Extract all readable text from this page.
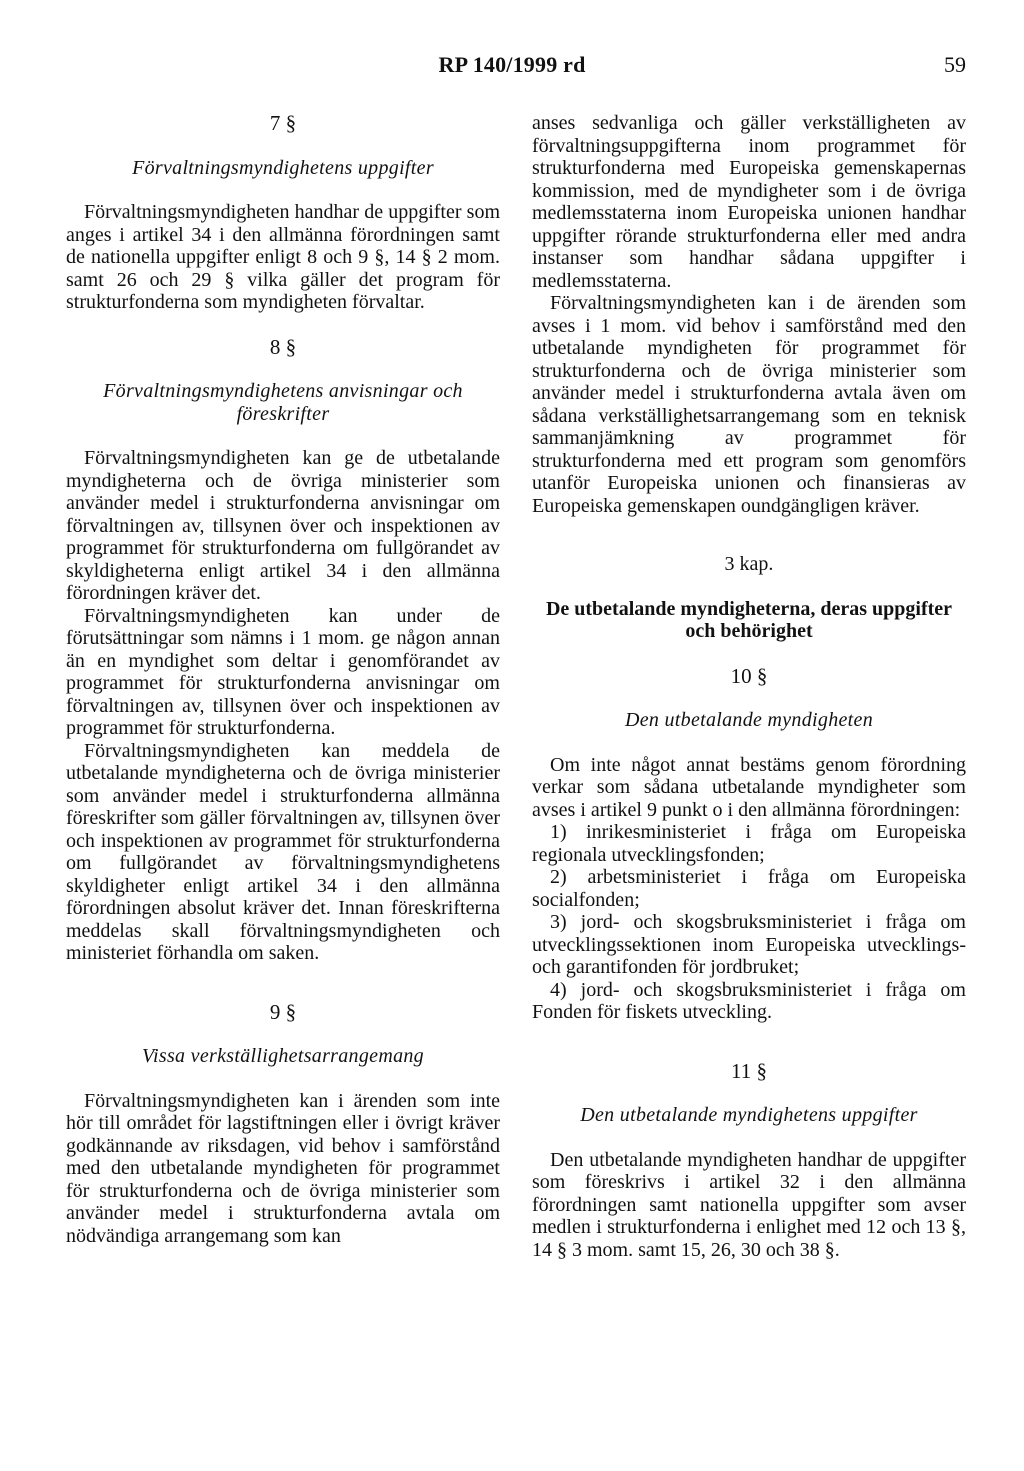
RP 140/1999 rd	59

7 §

Förvaltningsmyndighetens uppgifter

Förvaltningsmyndigheten handhar de uppgifter som anges i artikel 34 i den allmänna förordningen samt de nationella uppgifter enligt 8 och 9 §, 14 § 2 mom. samt 26 och 29 § vilka gäller det program för strukturfonderna som myndigheten förvaltar.

8 §

Förvaltningsmyndighetens anvisningar och föreskrifter

Förvaltningsmyndigheten kan ge de utbetalande myndigheterna och de övriga ministerier som använder medel i strukturfonderna anvisningar om förvaltningen av, tillsynen över och inspektionen av programmet för strukturfonderna om fullgörandet av skyldigheterna enligt artikel 34 i den allmänna förordningen kräver det.

Förvaltningsmyndigheten kan under de förutsättningar som nämns i 1 mom. ge någon annan än en myndighet som deltar i genomförandet av programmet för strukturfonderna anvisningar om förvaltningen av, tillsynen över och inspektionen av programmet för strukturfonderna.

Förvaltningsmyndigheten kan meddela de utbetalande myndigheterna och de övriga ministerier som använder medel i strukturfonderna allmänna föreskrifter som gäller förvaltningen av, tillsynen över och inspektionen av programmet för strukturfonderna om fullgörandet av förvaltningsmyndighetens skyldigheter enligt artikel 34 i den allmänna förordningen absolut kräver det. Innan föreskrifterna meddelas skall förvaltningsmyndigheten och ministeriet förhandla om saken.

9 §

Vissa verkställighetsarrangemang

Förvaltningsmyndigheten kan i ärenden som inte hör till området för lagstiftningen eller i övrigt kräver godkännande av riksdagen, vid behov i samförstånd med den utbetalande myndigheten för programmet för strukturfonderna och de övriga ministerier som använder medel i strukturfonderna avtala om nödvändiga arrangemang som kan

anses sedvanliga och gäller verkställigheten av förvaltningsuppgifterna inom programmet för strukturfonderna med Europeiska gemenskapernas kommission, med de myndigheter som i de övriga medlemsstaterna inom Europeiska unionen handhar uppgifter rörande strukturfonderna eller med andra instanser som handhar sådana uppgifter i medlemsstaterna.

Förvaltningsmyndigheten kan i de ärenden som avses i 1 mom. vid behov i samförstånd med den utbetalande myndigheten för programmet för strukturfonderna och de övriga ministerier som använder medel i strukturfonderna avtala även om sådana verkställighetsarrangemang som en teknisk sammanjämkning av programmet för strukturfonderna med ett program som genomförs utanför Europeiska unionen och finansieras av Europeiska gemenskapen oundgängligen kräver.

3 kap.

De utbetalande myndigheterna, deras uppgifter och behörighet

10 §

Den utbetalande myndigheten

Om inte något annat bestäms genom förordning verkar som sådana utbetalande myndigheter som avses i artikel 9 punkt o i den allmänna förordningen:

1) inrikesministeriet i fråga om Europeiska regionala utvecklingsfonden;

2) arbetsministeriet i fråga om Europeiska socialfonden;

3) jord- och skogsbruksministeriet i fråga om utvecklingssektionen inom Europeiska utvecklings- och garantifonden för jordbruket;

4) jord- och skogsbruksministeriet i fråga om Fonden för fiskets utveckling.

11 §

Den utbetalande myndighetens uppgifter

Den utbetalande myndigheten handhar de uppgifter som föreskrivs i artikel 32 i den allmänna förordningen samt nationella uppgifter som avser medlen i strukturfonderna i enlighet med 12 och 13 §, 14 § 3 mom. samt 15, 26, 30 och 38 §.
